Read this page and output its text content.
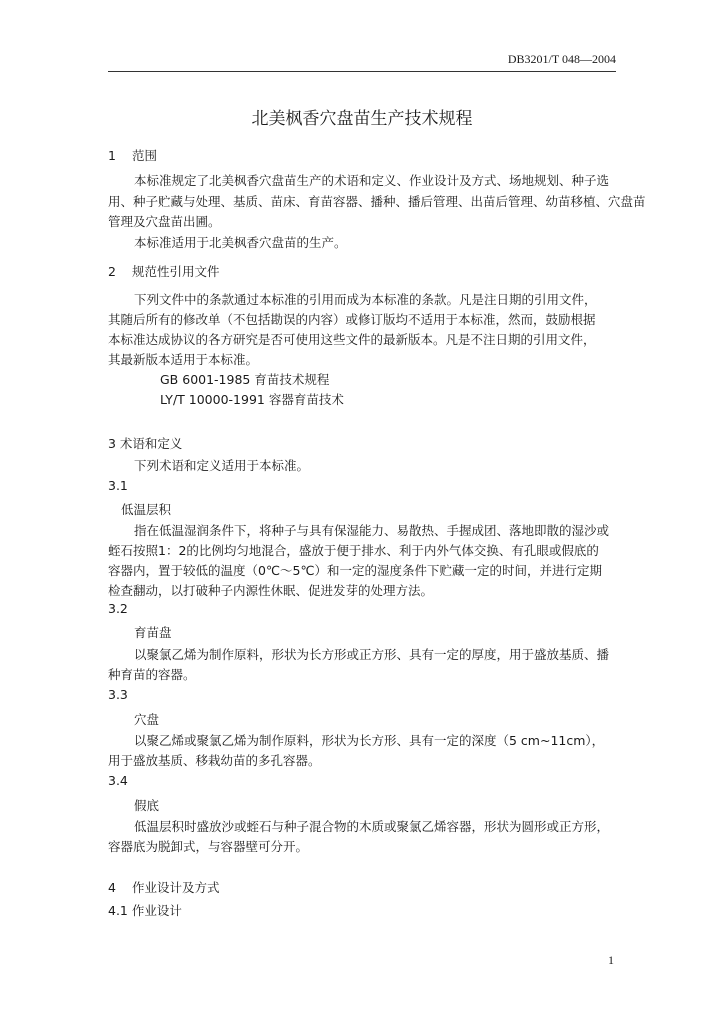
DB3201/T 048—2004
北美枫香穴盘苗生产技术规程
1 范围
本标准规定了北美枫香穴盘苗生产的术语和定义、作业设计及方式、场地规划、种子选
用、种子贮藏与处理、基质、苗床、育苗容器、播种、播后管理、出苗后管理、幼苗移植、穴盘苗
管理及穴盘苗出圃。
本标准适用于北美枫香穴盘苗的生产。
2 规范性引用文件
下列文件中的条款通过本标准的引用而成为本标准的条款。凡是注日期的引用文件，
其随后所有的修改单（不包括勘误的内容）或修订版均不适用于本标准，然而，鼓励根据
本标准达成协议的各方研究是否可使用这些文件的最新版本。凡是不注日期的引用文件，
其最新版本适用于本标准。
GB 6001-1985 育苗技术规程
LY/T 10000-1991 容器育苗技术
3 术语和定义
下列术语和定义适用于本标准。
3.1
低温层积
指在低温湿润条件下，将种子与具有保湿能力、易散热、手握成团、落地即散的湿沙或
蛭石按照1：2的比例均匀地混合，盛放于便于排水、利于内外气体交换、有孔眼或假底的
容器内，置于较低的温度（0℃～5℃）和一定的湿度条件下贮藏一定的时间，并进行定期
检查翻动，以打破种子内源性休眠、促进发芽的处理方法。
3.2
育苗盘
以聚氯乙烯为制作原料，形状为长方形或正方形、具有一定的厚度，用于盛放基质、播
种育苗的容器。
3.3
穴盘
以聚乙烯或聚氯乙烯为制作原料，形状为长方形、具有一定的深度（5 cm~11cm），
用于盛放基质、移栽幼苗的多孔容器。
3.4
假底
低温层积时盛放沙或蛭石与种子混合物的木质或聚氯乙烯容器，形状为圆形或正方形，
容器底为脱卸式，与容器壁可分开。
4 作业设计及方式
4.1 作业设计
1
